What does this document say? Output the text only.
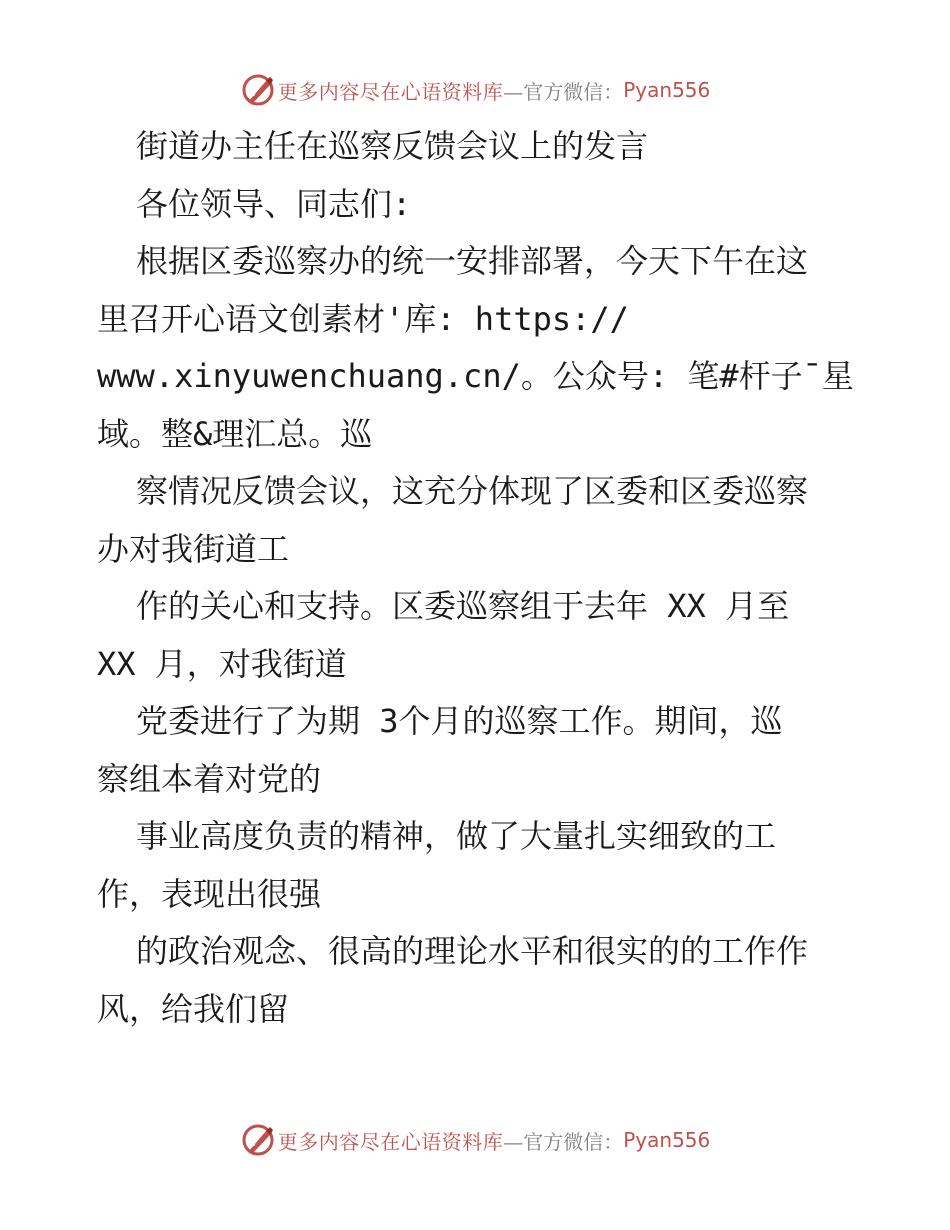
更多内容尽在心语资料库 —官方微信： Pyan556
街道办主任在巡察反馈会议上的发言
各位领导、同志们:
根据区委巡察办的统一安排部署，今天下午在这
里召开心语文创素材'库: https://
www.xinyuwenchuang.cn/。公众号: 笔#杆子¯星
域。整&理汇总。巡
察情况反馈会议，这充分体现了区委和区委巡察
办对我街道工
作的关心和支持。区委巡察组于去年 XX 月至
XX 月，对我街道
党委进行了为期 3个月的巡察工作。期间，巡
察组本着对党的
事业高度负责的精神，做了大量扎实细致的工
作，表现出很强
的政治观念、很高的理论水平和很实的的工作作
风，给我们留
更多内容尽在心语资料库 —官方微信： Pyan556
